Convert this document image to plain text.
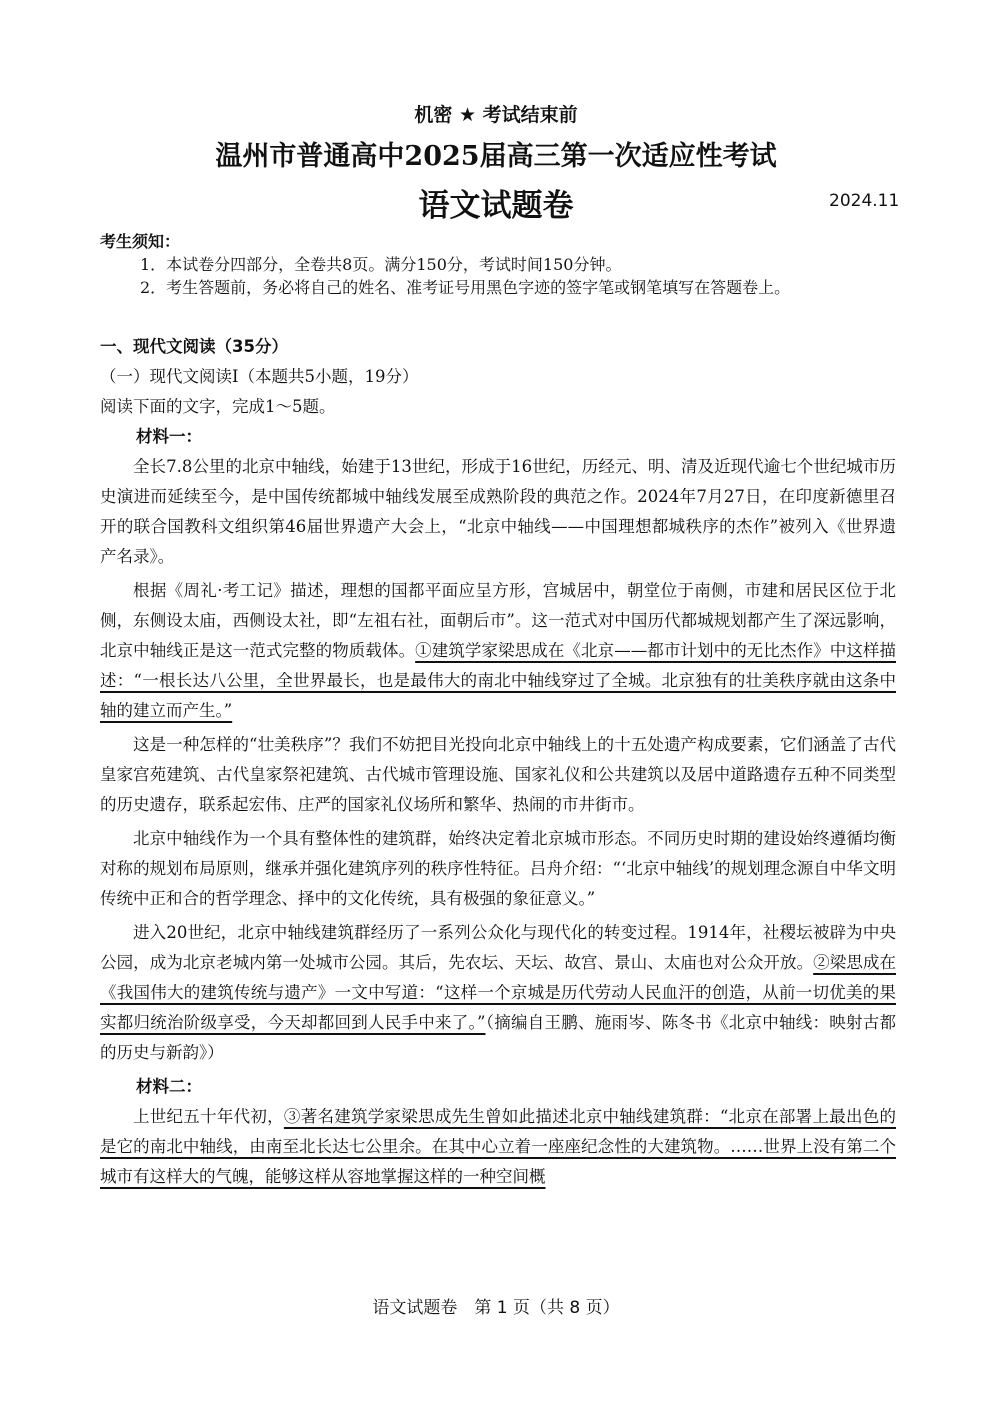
机密 ★ 考试结束前
温州市普通高中2025届高三第一次适应性考试
语文试题卷	2024.11
考生须知：
1．本试卷分四部分，全卷共8页。满分150分，考试时间150分钟。
2．考生答题前，务必将自己的姓名、准考证号用黑色字迹的签字笔或钢笔填写在答题卷上。
一、现代文阅读（35分）
（一）现代文阅读Ⅰ（本题共5小题，19分）
阅读下面的文字，完成1～5题。
材料一：

全长7.8公里的北京中轴线，始建于13世纪，形成于16世纪，历经元、明、清及近现代逾七个世纪城市历史演进而延续至今，是中国传统都城中轴线发展至成熟阶段的典范之作。2024年7月27日，在印度新德里召开的联合国教科文组织第46届世界遗产大会上，“北京中轴线——中国理想都城秩序的杰作”被列入《世界遗产名录》。

根据《周礼·考工记》描述，理想的国都平面应呈方形，宫城居中，朝堂位于南侧，市建和居民区位于北侧，东侧设太庙，西侧设太社，即“左祖右社，面朝后市”。这一范式对中国历代都城规划都产生了深远影响，北京中轴线正是这一范式完整的物质载体。①建筑学家梁思成在《北京——都市计划中的无比杰作》中这样描述：“一根长达八公里，全世界最长，也是最伟大的南北中轴线穿过了全城。北京独有的壮美秩序就由这条中轴的建立而产生。”

这是一种怎样的“壮美秩序”？我们不妨把目光投向北京中轴线上的十五处遗产构成要素，它们涵盖了古代皇家宫苑建筑、古代皇家祭祀建筑、古代城市管理设施、国家礼仪和公共建筑以及居中道路遗存五种不同类型的历史遗存，联系起宏伟、庄严的国家礼仪场所和繁华、热闹的市井街市。

北京中轴线作为一个具有整体性的建筑群，始终决定着北京城市形态。不同历史时期的建设始终遵循均衡对称的规划布局原则，继承并强化建筑序列的秩序性特征。吕舟介绍：“‘北京中轴线’的规划理念源自中华文明传统中正和合的哲学理念、择中的文化传统，具有极强的象征意义。”

进入20世纪，北京中轴线建筑群经历了一系列公众化与现代化的转变过程。1914年，社稷坛被辟为中央公园，成为北京老城内第一处城市公园。其后，先农坛、天坛、故宫、景山、太庙也对公众开放。②梁思成在《我国伟大的建筑传统与遗产》一文中写道：“这样一个京城是历代劳动人民血汗的创造，从前一切优美的果实都归统治阶级享受，今天却都回到人民手中来了。”（摘编自王鹏、施雨岑、陈冬书《北京中轴线：映射古都的历史与新韵》）

材料二：

上世纪五十年代初，③著名建筑学家梁思成先生曾如此描述北京中轴线建筑群：“北京在部署上最出色的是它的南北中轴线，由南至北长达七公里余。在其中心立着一座座纪念性的大建筑物。……世界上没有第二个城市有这样大的气魄，能够这样从容地掌握这样的一种空间概

语文试题卷　第 1 页（共 8 页）
